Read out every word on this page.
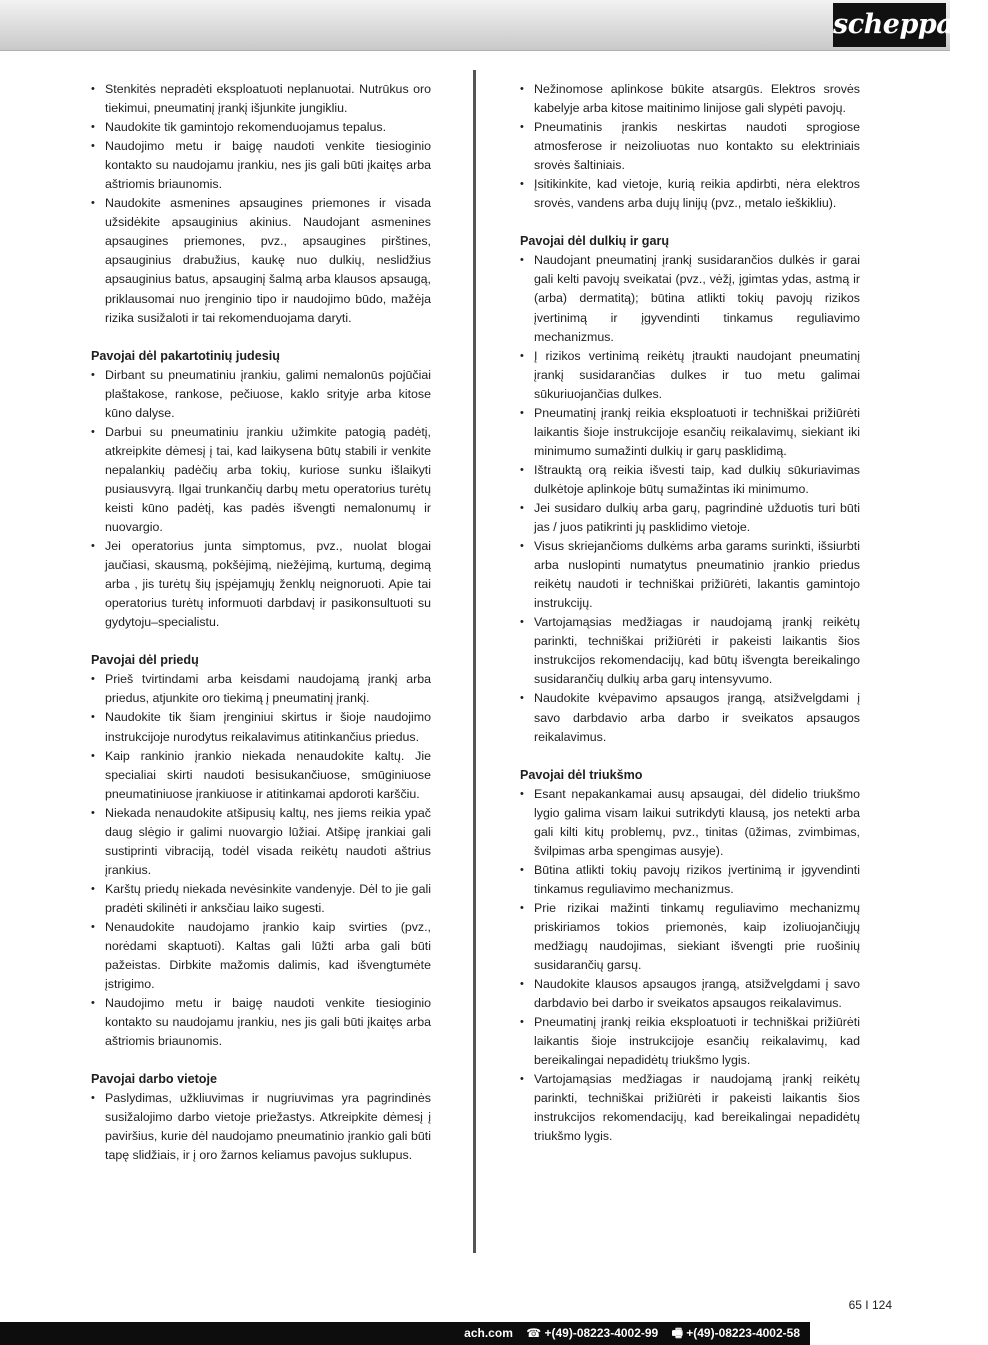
scheppach
• Stenkitės nepradėti eksploatuoti neplanuotai. Nutrūkus oro tiekimui, pneumatinį įrankį išjunkite jungikliu.
• Naudokite tik gamintojo rekomenduojamus tepalus.
• Naudojimo metu ir baigę naudoti venkite tiesioginio kontakto su naudojamu įrankiu, nes jis gali būti įkaitęs arba aštriomis briaunomis.
• Naudokite asmenines apsaugines priemones ir visada užsidėkite apsauginius akinius. Naudojant asmenines apsaugines priemones, pvz., apsaugines pirštines, apsauginius drabužius, kaukę nuo dulkių, neslidžius apsauginius batus, apsauginį šalmą arba klausos apsaugą, priklausomai nuo įrenginio tipo ir naudojimo būdo, mažėja rizika susižaloti ir tai rekomenduojama daryti.
Pavojai dėl pakartotinių judesių
• Dirbant su pneumatiniu įrankiu, galimi nemalonūs pojūčiai plaštakose, rankose, pečiuose, kaklo srityje arba kitose kūno dalyse.
• Darbui su pneumatiniu įrankiu užimkite patogią padėtį, atkreipkite dėmesį į tai, kad laikysena būtų stabili ir venkite nepalankių padėčių arba tokių, kuriose sunku išlaikyti pusiausvyrą. Ilgai trunkančių darbų metu operatorius turėtų keisti kūno padėtį, kas padės išvengti nemalonumų ir nuovargio.
• Jei operatorius junta simptomus, pvz., nuolat blogai jaučiasi, skausmą, pokšėjimą, niežėjimą, kurtumą, degimą arba , jis turėtų šių įspėjamųjų ženklų neignoruoti. Apie tai operatorius turėtų informuoti darbdavį ir pasikonsultuoti su gydytoju–specialistu.
Pavojai dėl priedų
• Prieš tvirtindami arba keisdami naudojamą įrankį arba priedus, atjunkite oro tiekimą į pneumatinį įrankį.
• Naudokite tik šiam įrenginiui skirtus ir šioje naudojimo instrukcijoje nurodytus reikalavimus atitinkančius priedus.
• Kaip rankinio įrankio niekada nenaudokite kaltų. Jie specialiai skirti naudoti besisukančiuose, smūginiuose pneumatiniuose įrankiuose ir atitinkamai apdoroti karščiu.
• Niekada nenaudokite atšipusių kaltų, nes jiems reikia ypač daug slėgio ir galimi nuovargio lūžiai. Atšipę įrankiai gali sustiprinti vibraciją, todėl visada reikėtų naudoti aštrius įrankius.
• Karštų priedų niekada nevėsinkite vandenyje. Dėl to jie gali pradėti skilinėti ir anksčiau laiko sugesti.
• Nenaudokite naudojamo įrankio kaip svirties (pvz., norėdami skaptuoti). Kaltas gali lūžti arba gali būti pažeistas. Dirbkite mažomis dalimis, kad išvengtumėte įstrigimo.
• Naudojimo metu ir baigę naudoti venkite tiesioginio kontakto su naudojamu įrankiu, nes jis gali būti įkaitęs arba aštriomis briaunomis.
Pavojai darbo vietoje
• Paslydimas, užkliuvimas ir nugriuvimas yra pagrindinės susižalojimo darbo vietoje priežastys. Atkreipkite dėmesį į paviršius, kurie dėl naudojamo pneumatinio įrankio gali būti tapę slidžiais, ir į oro žarnos keliamus pavojus suklupus.
• Nežinomose aplinkose būkite atsargūs. Elektros srovės kabelyje arba kitose maitinimo linijose gali slypėti pavojų.
• Pneumatinis įrankis neskirtas naudoti sprogiose atmosferose ir neizoliuotas nuo kontakto su elektriniais srovės šaltiniais.
• Įsitikinkite, kad vietoje, kurią reikia apdirbti, nėra elektros srovės, vandens arba dujų linijų (pvz., metalo ieškikliu).
Pavojai dėl dulkių ir garų
• Naudojant pneumatinį įrankį susidarančios dulkės ir garai gali kelti pavojų sveikatai (pvz., vėžį, įgimtas ydas, astmą ir (arba) dermatitą); būtina atlikti tokių pavojų rizikos įvertinimą ir įgyvendinti tinkamus reguliavimo mechanizmus.
• Į rizikos vertinimą reikėtų įtraukti naudojant pneumatinį įrankį susidarančias dulkes ir tuo metu galimai sūkuriuojančias dulkes.
• Pneumatinį įrankį reikia eksploatuoti ir techniškai prižiūrėti laikantis šioje instrukcijoje esančių reikalavimų, siekiant iki minimumo sumažinti dulkių ir garų pasklidimą.
• Ištrauktą orą reikia išvesti taip, kad dulkių sūkuriavimas dulkėtoje aplinkoje būtų sumažintas iki minimumo.
• Jei susidaro dulkių arba garų, pagrindinė užduotis turi būti jas / juos patikrinti jų pasklidimo vietoje.
• Visus skriejančioms dulkėms arba garams surinkti, išsiurbti arba nuslopinti numatytus pneumatinio įrankio priedus reikėtų naudoti ir techniškai prižiūrėti, lakantis gamintojo instrukcijų.
• Vartojamąsias medžiagas ir naudojamą įrankį reikėtų parinkti, techniškai prižiūrėti ir pakeisti laikantis šios instrukcijos rekomendacijų, kad būtų išvengta bereikalingo susidarančių dulkių arba garų intensyvumo.
• Naudokite kvėpavimo apsaugos įrangą, atsižvelgdami į savo darbdavio arba darbo ir sveikatos apsaugos reikalavimus.
Pavojai dėl triukšmo
• Esant nepakankamai ausų apsaugai, dėl didelio triukšmo lygio galima visam laikui sutrikdyti klausą, jos netekti arba gali kilti kitų problemų, pvz., tinitas (ūžimas, zvimbimas, švilpimas arba spengimas ausyje).
• Būtina atlikti tokių pavojų rizikos įvertinimą ir įgyvendinti tinkamus reguliavimo mechanizmus.
• Prie rizikai mažinti tinkamų reguliavimo mechanizmų priskiriamos tokios priemonės, kaip izoliuojančiųjų medžiagų naudojimas, siekiant išvengti prie ruošinių susidarančių garsų.
• Naudokite klausos apsaugos įrangą, atsižvelgdami į savo darbdavio bei darbo ir sveikatos apsaugos reikalavimus.
• Pneumatinį įrankį reikia eksploatuoti ir techniškai prižiūrėti laikantis šioje instrukcijoje esančių reikalavimų, kad bereikalingai nepadidėtų triukšmo lygis.
• Vartojamąsias medžiagas ir naudojamą įrankį reikėtų parinkti, techniškai prižiūrėti ir pakeisti laikantis šios instrukcijos rekomendacijų, kad bereikalingai nepadidėtų triukšmo lygis.
65 I 124
ach.com ☎ +(49)-08223-4002-99 🖷 +(49)-08223-4002-58
